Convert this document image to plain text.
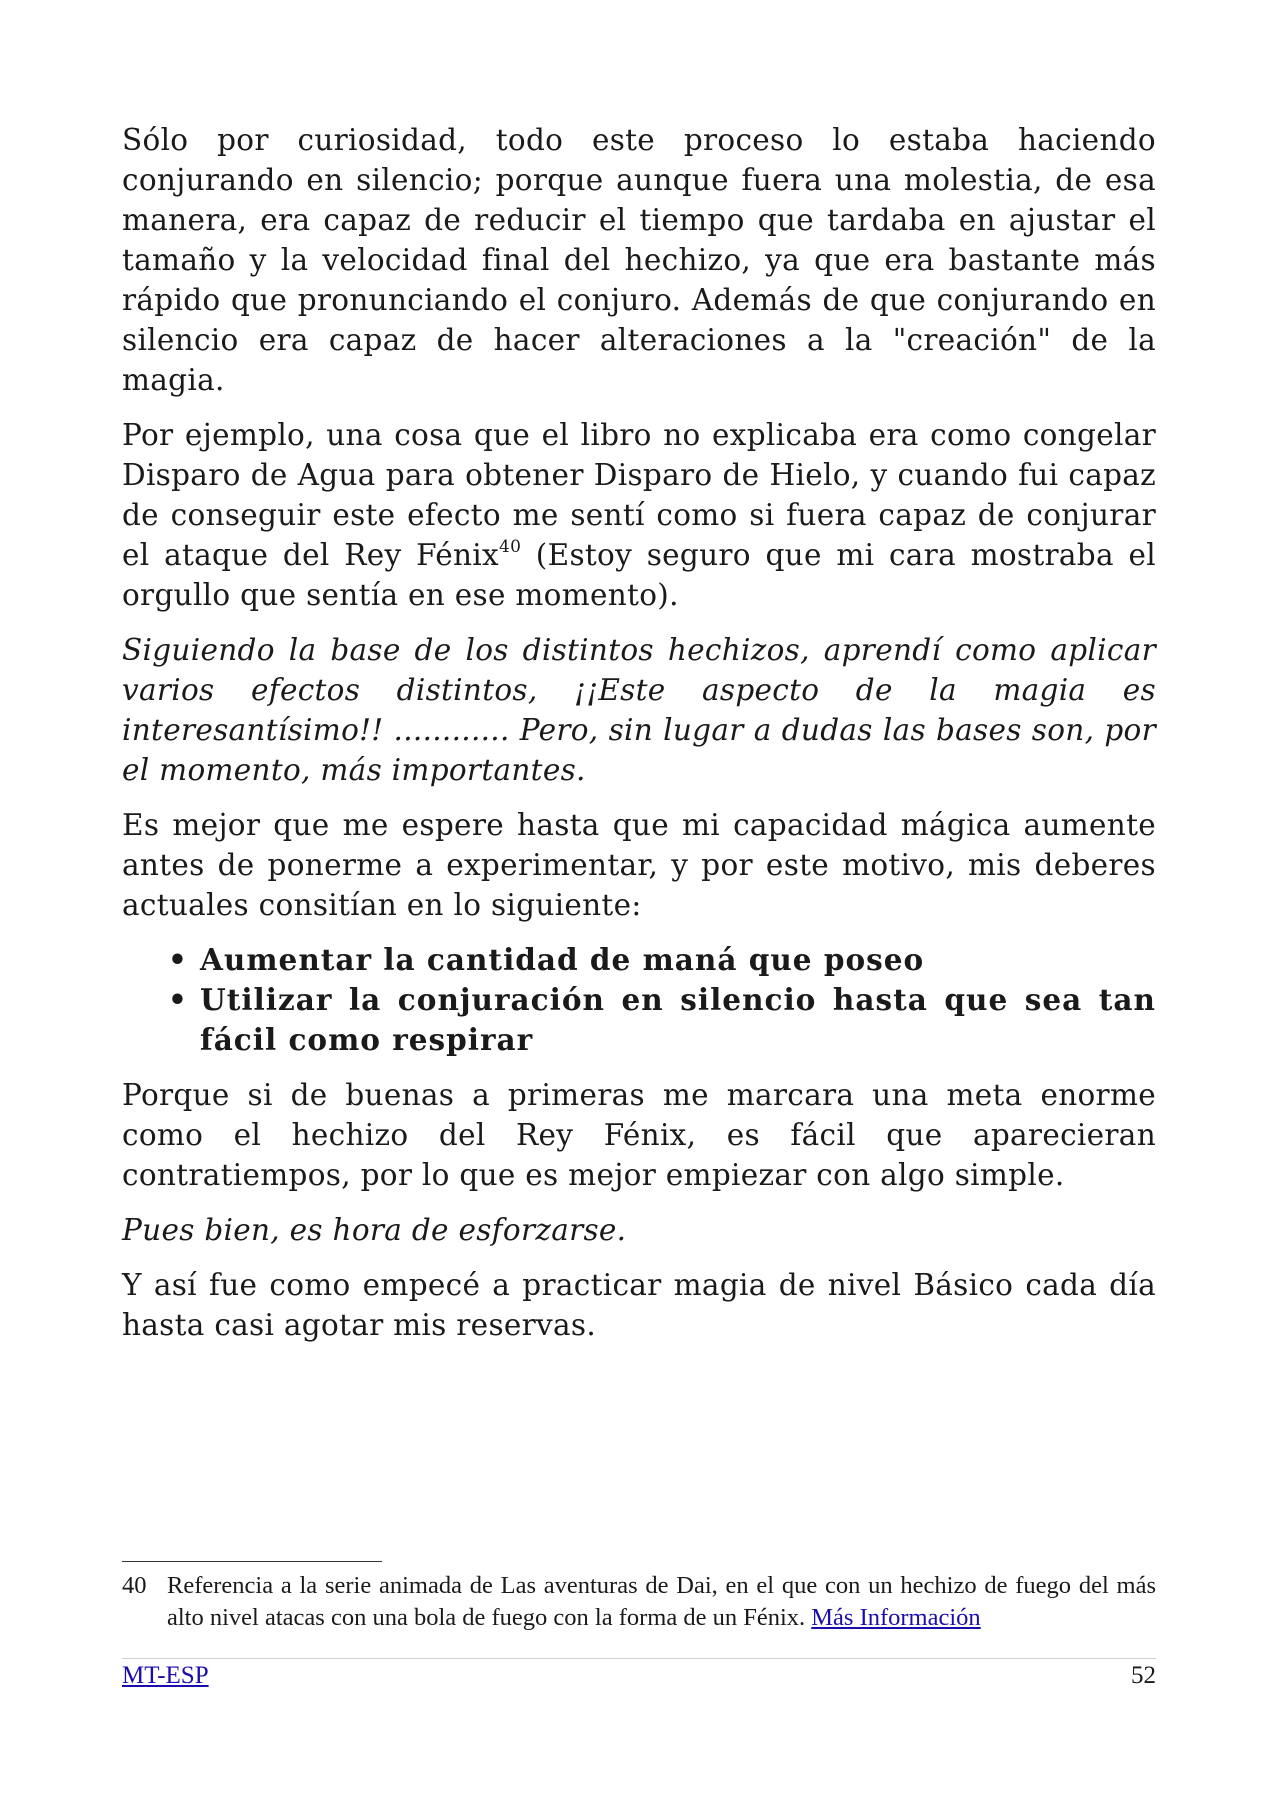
Sólo por curiosidad, todo este proceso lo estaba haciendo conjurando en silencio; porque aunque fuera una molestia, de esa manera, era capaz de reducir el tiempo que tardaba en ajustar el tamaño y la velocidad final del hechizo, ya que era bastante más rápido que pronunciando el conjuro. Además de que conjurando en silencio era capaz de hacer alteraciones a la "creación" de la magia.

Por ejemplo, una cosa que el libro no explicaba era como congelar Disparo de Agua para obtener Disparo de Hielo, y cuando fui capaz de conseguir este efecto me sentí como si fuera capaz de conjurar el ataque del Rey Fénix$^{40}$ (Estoy seguro que mi cara mostraba el orgullo que sentía en ese momento).

Siguiendo la base de los distintos hechizos, aprendí como aplicar varios efectos distintos, ¡¡Este aspecto de la magia es interesantísimo!! ............ Pero, sin lugar a dudas las bases son, por el momento, más importantes.

Es mejor que me espere hasta que mi capacidad mágica aumente antes de ponerme a experimentar, y por este motivo, mis deberes actuales consitían en lo siguiente:

• Aumentar la cantidad de maná que poseo
• Utilizar la conjuración en silencio hasta que sea tan fácil como respirar

Porque si de buenas a primeras me marcara una meta enorme como el hechizo del Rey Fénix, es fácil que aparecieran contratiempos, por lo que es mejor empiezar con algo simple.

Pues bien, es hora de esforzarse.

Y así fue como empecé a practicar magia de nivel Básico cada día hasta casi agotar mis reservas.

40 Referencia a la serie animada de Las aventuras de Dai, en el que con un hechizo de fuego del más alto nivel atacas con una bola de fuego con la forma de un Fénix. Más Información
MT-ESP	52
